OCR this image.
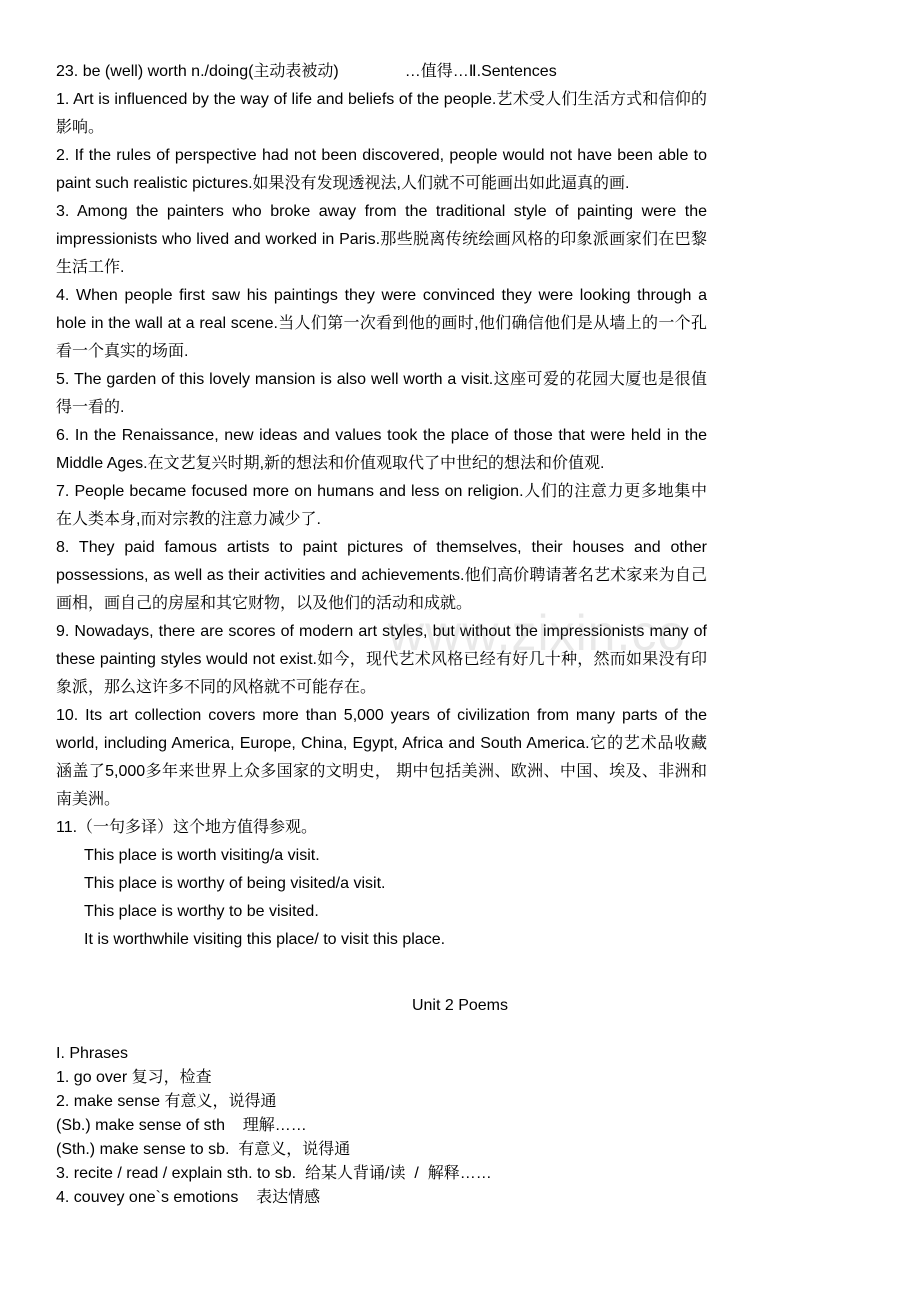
23. be (well) worth n./doing(主动表被动)	…值得…Ⅱ.Sentences

1. Art is influenced by the way of life and beliefs of the people.艺术受人们生活方式和信仰的影响。

2. If the rules of perspective had not been discovered, people would not have been able to paint such realistic pictures.如果没有发现透视法,人们就不可能画出如此逼真的画.

3. Among the painters who broke away from the traditional style of painting were the impressionists who lived and worked in Paris.那些脱离传统绘画风格的印象派画家们在巴黎生活工作.

4. When people first saw his paintings they were convinced they were looking through a hole in the wall at a real scene.当人们第一次看到他的画时,他们确信他们是从墙上的一个孔看一个真实的场面.

5. The garden of this lovely mansion is also well worth a visit.这座可爱的花园大厦也是很值得一看的.

6. In the Renaissance, new ideas and values took the place of those that were held in the Middle Ages.在文艺复兴时期,新的想法和价值观取代了中世纪的想法和价值观.

7. People became focused more on humans and less on religion.人们的注意力更多地集中在人类本身,而对宗教的注意力减少了.

8. They paid famous artists to paint pictures of themselves, their houses and other possessions, as well as their activities and achievements.他们高价聘请著名艺术家来为自己画相，画自己的房屋和其它财物，以及他们的活动和成就。

9. Nowadays, there are scores of modern art styles, but without the impressionists many of these painting styles would not exist.如今，现代艺术风格已经有好几十种，然而如果没有印象派，那么这许多不同的风格就不可能存在。

10. Its art collection covers more than 5,000 years of civilization from many parts of the world, including America, Europe, China, Egypt, Africa and South America.它的艺术品收藏涵盖了5,000多年来世界上众多国家的文明史， 期中包括美洲、欧洲、中国、埃及、非洲和南美洲。

11.（一句多译）这个地方值得参观。

This place is worth visiting/a visit.

This place is worthy of being visited/a visit.

This place is worthy to be visited.

It is worthwhile visiting this place/ to visit this place.

Unit 2 Poems

I. Phrases

1. go over 复习，检查

2. make sense 有意义，说得通

(Sb.) make sense of sth    理解……

(Sth.) make sense to sb.  有意义，说得通

3. recite / read / explain sth. to sb.  给某人背诵/读  /  解释……

4. couvey one`s emotions    表达情感

www.zixin.co
